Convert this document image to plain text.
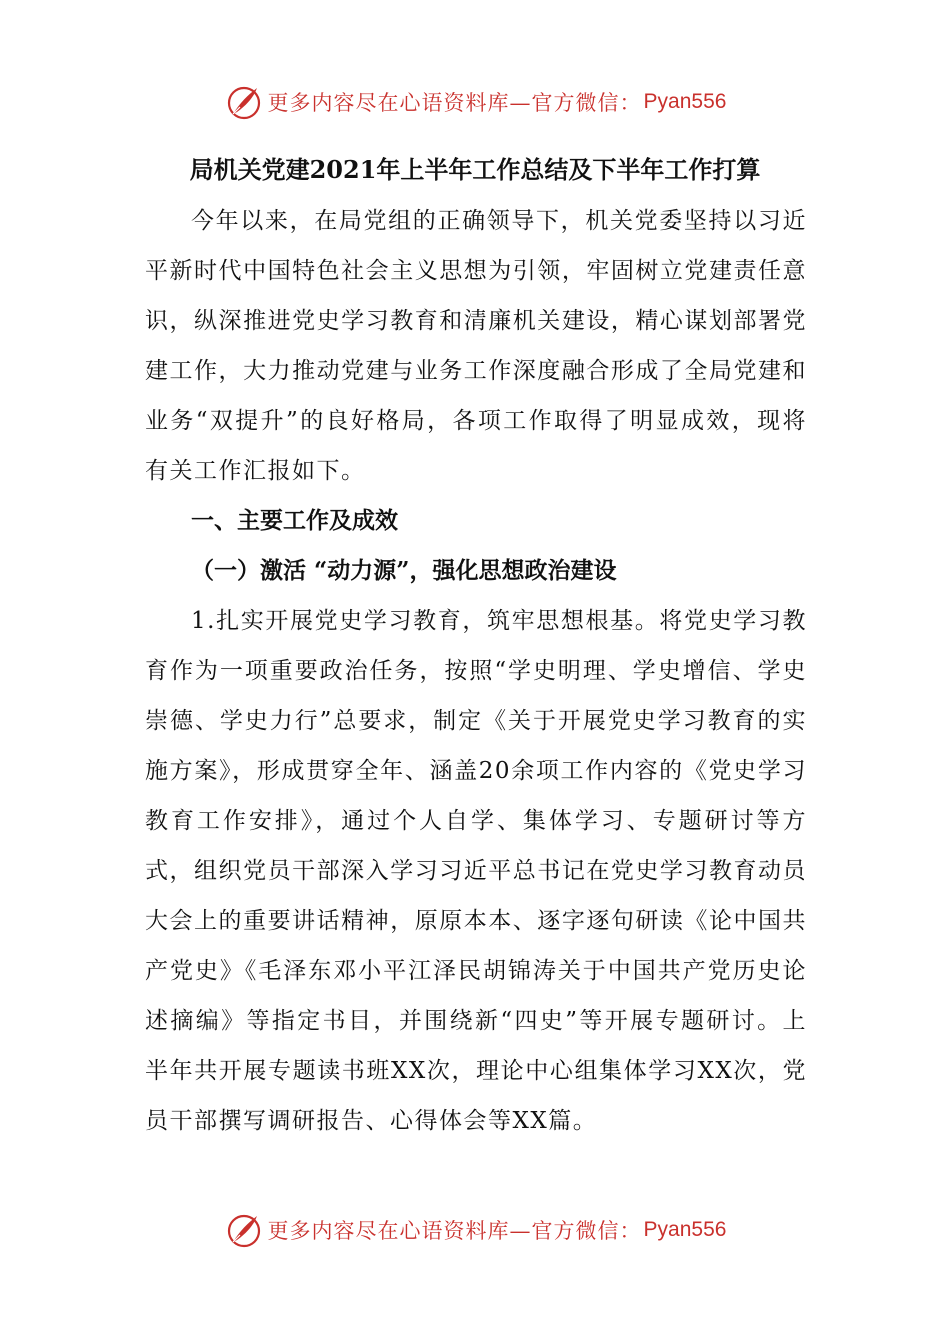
更多内容尽在心语资料库—官方微信： Pyan556
局机关党建2021年上半年工作总结及下半年工作打算

今年以来，在局党组的正确领导下，机关党委坚持以习近平新时代中国特色社会主义思想为引领，牢固树立党建责任意识，纵深推进党史学习教育和清廉机关建设，精心谋划部署党建工作，大力推动党建与业务工作深度融合形成了全局党建和业务“双提升”的良好格局，各项工作取得了明显成效，现将有关工作汇报如下。

一、主要工作及成效

（一）激活 “动力源”，强化思想政治建设

1.扎实开展党史学习教育，筑牢思想根基。将党史学习教育作为一项重要政治任务，按照“学史明理、学史增信、学史崇德、学史力行”总要求，制定《关于开展党史学习教育的实施方案》，形成贯穿全年、涵盖20余项工作内容的《党史学习教育工作安排》，通过个人自学、集体学习、专题研讨等方式，组织党员干部深入学习习近平总书记在党史学习教育动员大会上的重要讲话精神，原原本本、逐字逐句研读《论中国共产党史》《毛泽东邓小平江泽民胡锦涛关于中国共产党历史论述摘编》等指定书目，并围绕新“四史”等开展专题研讨。上半年共开展专题读书班XX次，理论中心组集体学习XX次，党员干部撰写调研报告、心得体会等XX篇。

更多内容尽在心语资料库—官方微信： Pyan556
